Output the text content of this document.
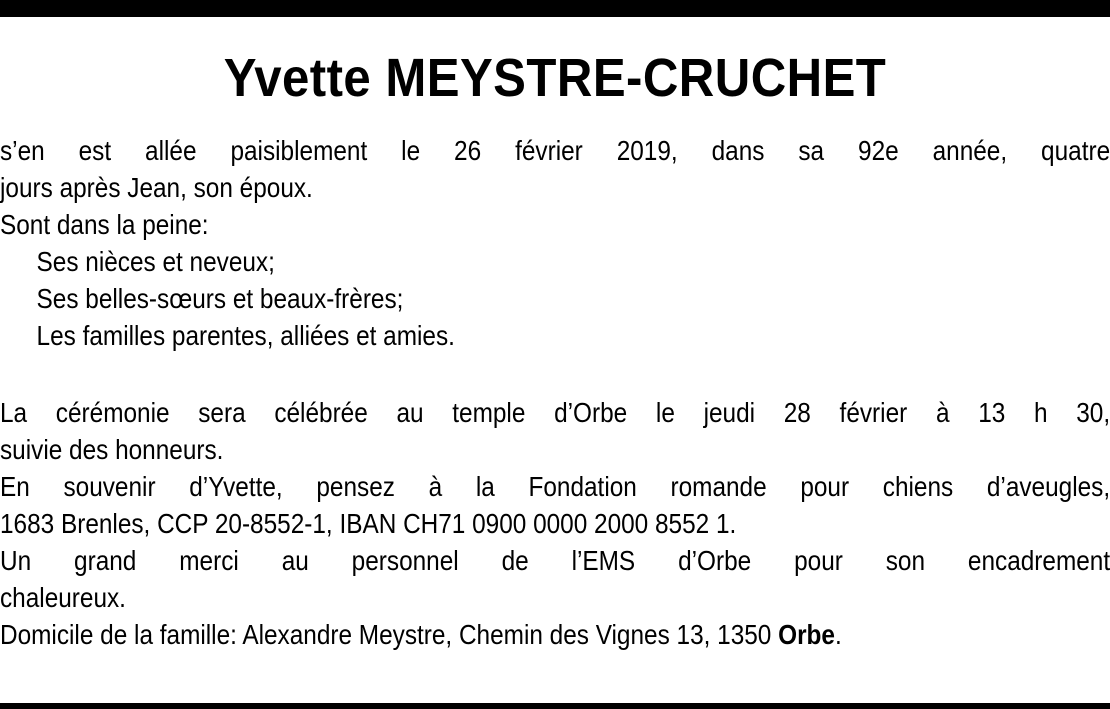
Yvette MEYSTRE-CRUCHET
s’en est allée paisiblement le 26 février 2019, dans sa 92e année, quatre
jours après Jean, son époux.
Sont dans la peine:
Ses nièces et neveux;
Ses belles-sœurs et beaux-frères;
Les familles parentes, alliées et amies.
La cérémonie sera célébrée au temple d’Orbe le jeudi 28 février à 13 h 30,
suivie des honneurs.
En souvenir d’Yvette, pensez à la Fondation romande pour chiens d’aveugles,
1683 Brenles, CCP 20-8552-1, IBAN CH71 0900 0000 2000 8552 1.
Un grand merci au personnel de l’EMS d’Orbe pour son encadrement
chaleureux.
Domicile de la famille: Alexandre Meystre, Chemin des Vignes 13, 1350 Orbe.
